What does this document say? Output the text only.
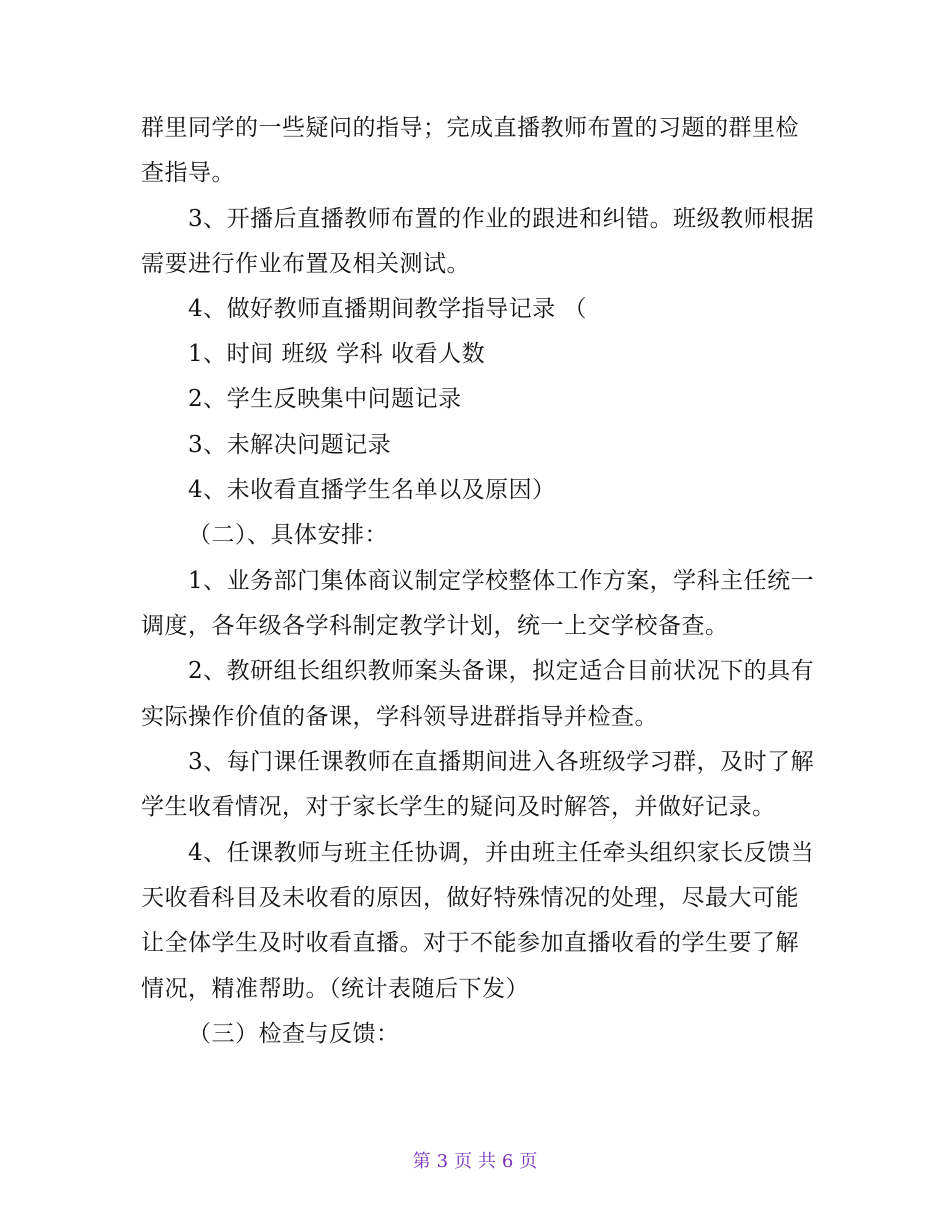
群里同学的一些疑问的指导；完成直播教师布置的习题的群里检
查指导。
3、开播后直播教师布置的作业的跟进和纠错。班级教师根据
需要进行作业布置及相关测试。
4、做好教师直播期间教学指导记录 （
1、时间 班级 学科 收看人数
2、学生反映集中问题记录
3、未解决问题记录
4、未收看直播学生名单以及原因）
（二）、具体安排：
1、业务部门集体商议制定学校整体工作方案，学科主任统一
调度，各年级各学科制定教学计划，统一上交学校备查。
2、教研组长组织教师案头备课，拟定适合目前状况下的具有
实际操作价值的备课，学科领导进群指导并检查。
3、每门课任课教师在直播期间进入各班级学习群，及时了解
学生收看情况，对于家长学生的疑问及时解答，并做好记录。
4、任课教师与班主任协调，并由班主任牵头组织家长反馈当
天收看科目及未收看的原因，做好特殊情况的处理，尽最大可能
让全体学生及时收看直播。对于不能参加直播收看的学生要了解
情况，精准帮助。（统计表随后下发）
（三）检查与反馈：
第 3 页 共 6 页
